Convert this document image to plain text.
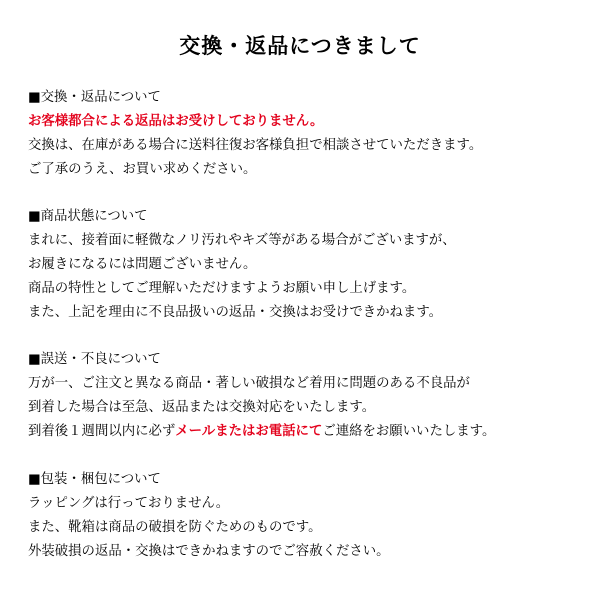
交換・返品につきまして
■交換・返品について
お客様都合による返品はお受けしておりません。
交換は、在庫がある場合に送料往復お客様負担で相談させていただきます。
ご了承のうえ、お買い求めください。
■商品状態について
まれに、接着面に軽微なノリ汚れやキズ等がある場合がございますが、
お履きになるには問題ございません。
商品の特性としてご理解いただけますようお願い申し上げます。
また、上記を理由に不良品扱いの返品・交換はお受けできかねます。
■誤送・不良について
万が一、ご注文と異なる商品・著しい破損など着用に問題のある不良品が
到着した場合は至急、返品または交換対応をいたします。
到着後１週間以内に必ずメールまたはお電話にてご連絡をお願いいたします。
■包装・梱包について
ラッピングは行っておりません。
また、靴箱は商品の破損を防ぐためのものです。
外装破損の返品・交換はできかねますのでご容赦ください。
